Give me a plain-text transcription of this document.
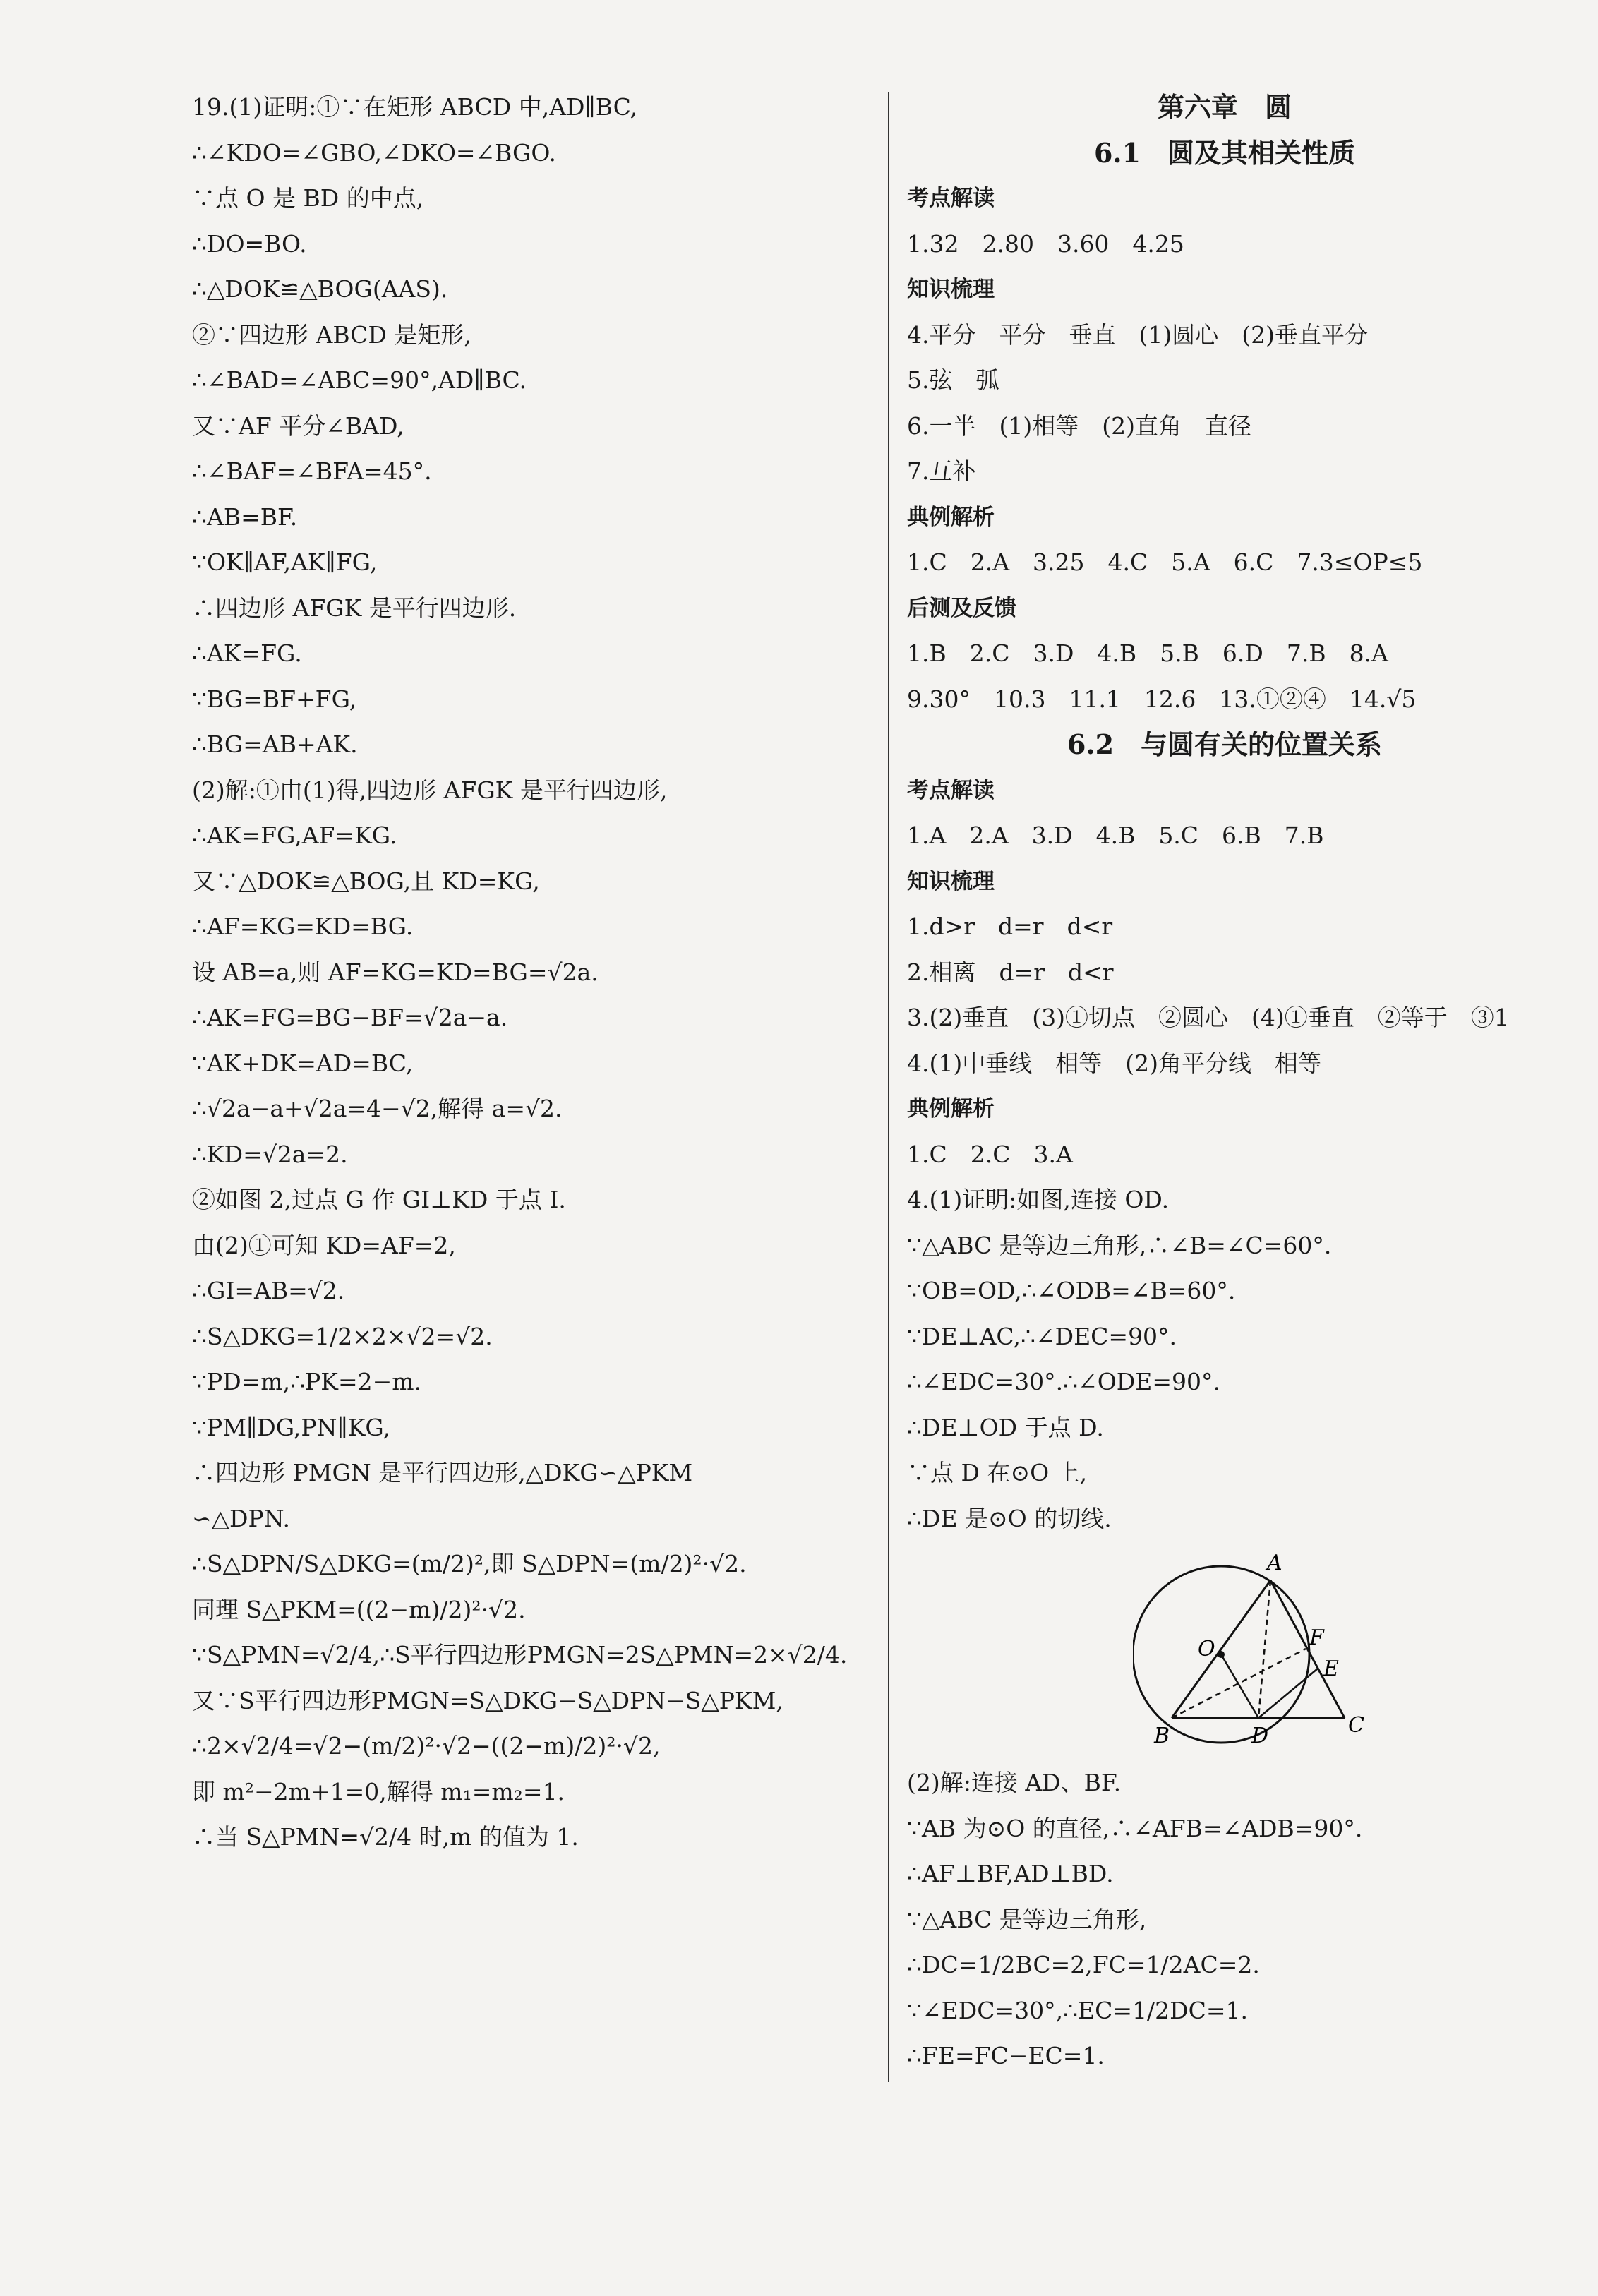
19.(1)证明:①∵在矩形 ABCD 中,AD∥BC,
∴∠KDO=∠GBO,∠DKO=∠BGO.
∵点 O 是 BD 的中点,
∴DO=BO.
∴△DOK≌△BOG(AAS).
②∵四边形 ABCD 是矩形,
∴∠BAD=∠ABC=90°,AD∥BC.
又∵AF 平分∠BAD,
∴∠BAF=∠BFA=45°.
∴AB=BF.
∵OK∥AF,AK∥FG,
∴四边形 AFGK 是平行四边形.
∴AK=FG.
∵BG=BF+FG,
∴BG=AB+AK.
(2)解:①由(1)得,四边形 AFGK 是平行四边形,
∴AK=FG,AF=KG.
又∵△DOK≌△BOG,且 KD=KG,
∴AF=KG=KD=BG.
设 AB=a,则 AF=KG=KD=BG=√2a.
∴AK=FG=BG−BF=√2a−a.
∵AK+DK=AD=BC,
∴√2a−a+√2a=4−√2,解得 a=√2.
∴KD=√2a=2.
②如图 2,过点 G 作 GI⊥KD 于点 I.
由(2)①可知 KD=AF=2,
∴GI=AB=√2.
∴S△DKG=1/2×2×√2=√2.
∵PD=m,∴PK=2−m.
∵PM∥DG,PN∥KG,
∴四边形 PMGN 是平行四边形,△DKG∽△PKM
∽△DPN.
∴S△DPN/S△DKG=(m/2)²,即 S△DPN=(m/2)²·√2.
同理 S△PKM=((2−m)/2)²·√2.
∵S△PMN=√2/4,∴S平行四边形PMGN=2S△PMN=2×√2/4.
又∵S平行四边形PMGN=S△DKG−S△DPN−S△PKM,
∴2×√2/4=√2−(m/2)²·√2−((2−m)/2)²·√2,
即 m²−2m+1=0,解得 m₁=m₂=1.
∴当 S△PMN=√2/4 时,m 的值为 1.
第六章　圆
6.1　圆及其相关性质
考点解读
1.32　2.80　3.60　4.25
知识梳理
4.平分　平分　垂直　(1)圆心　(2)垂直平分
5.弦　弧
6.一半　(1)相等　(2)直角　直径
7.互补
典例解析
1.C　2.A　3.25　4.C　5.A　6.C　7.3≤OP≤5
后测及反馈
1.B　2.C　3.D　4.B　5.B　6.D　7.B　8.A
9.30°　10.3　11.1　12.6　13.①②④　14.√5
6.2　与圆有关的位置关系
考点解读
1.A　2.A　3.D　4.B　5.C　6.B　7.B
知识梳理
1.d>r　d=r　d<r
2.相离　d=r　d<r
3.(2)垂直　(3)①切点　②圆心　(4)①垂直　②等于　③1
4.(1)中垂线　相等　(2)角平分线　相等
典例解析
1.C　2.C　3.A
4.(1)证明:如图,连接 OD.
∵△ABC 是等边三角形,∴∠B=∠C=60°.
∵OB=OD,∴∠ODB=∠B=60°.
∵DE⊥AC,∴∠DEC=90°.
∴∠EDC=30°.∴∠ODE=90°.
∴DE⊥OD 于点 D.
∵点 D 在⊙O 上,
∴DE 是⊙O 的切线.
A
O	F
E
B	D	C
(2)解:连接 AD、BF.
∵AB 为⊙O 的直径,∴∠AFB=∠ADB=90°.
∴AF⊥BF,AD⊥BD.
∵△ABC 是等边三角形,
∴DC=1/2BC=2,FC=1/2AC=2.
∵∠EDC=30°,∴EC=1/2DC=1.
∴FE=FC−EC=1.
